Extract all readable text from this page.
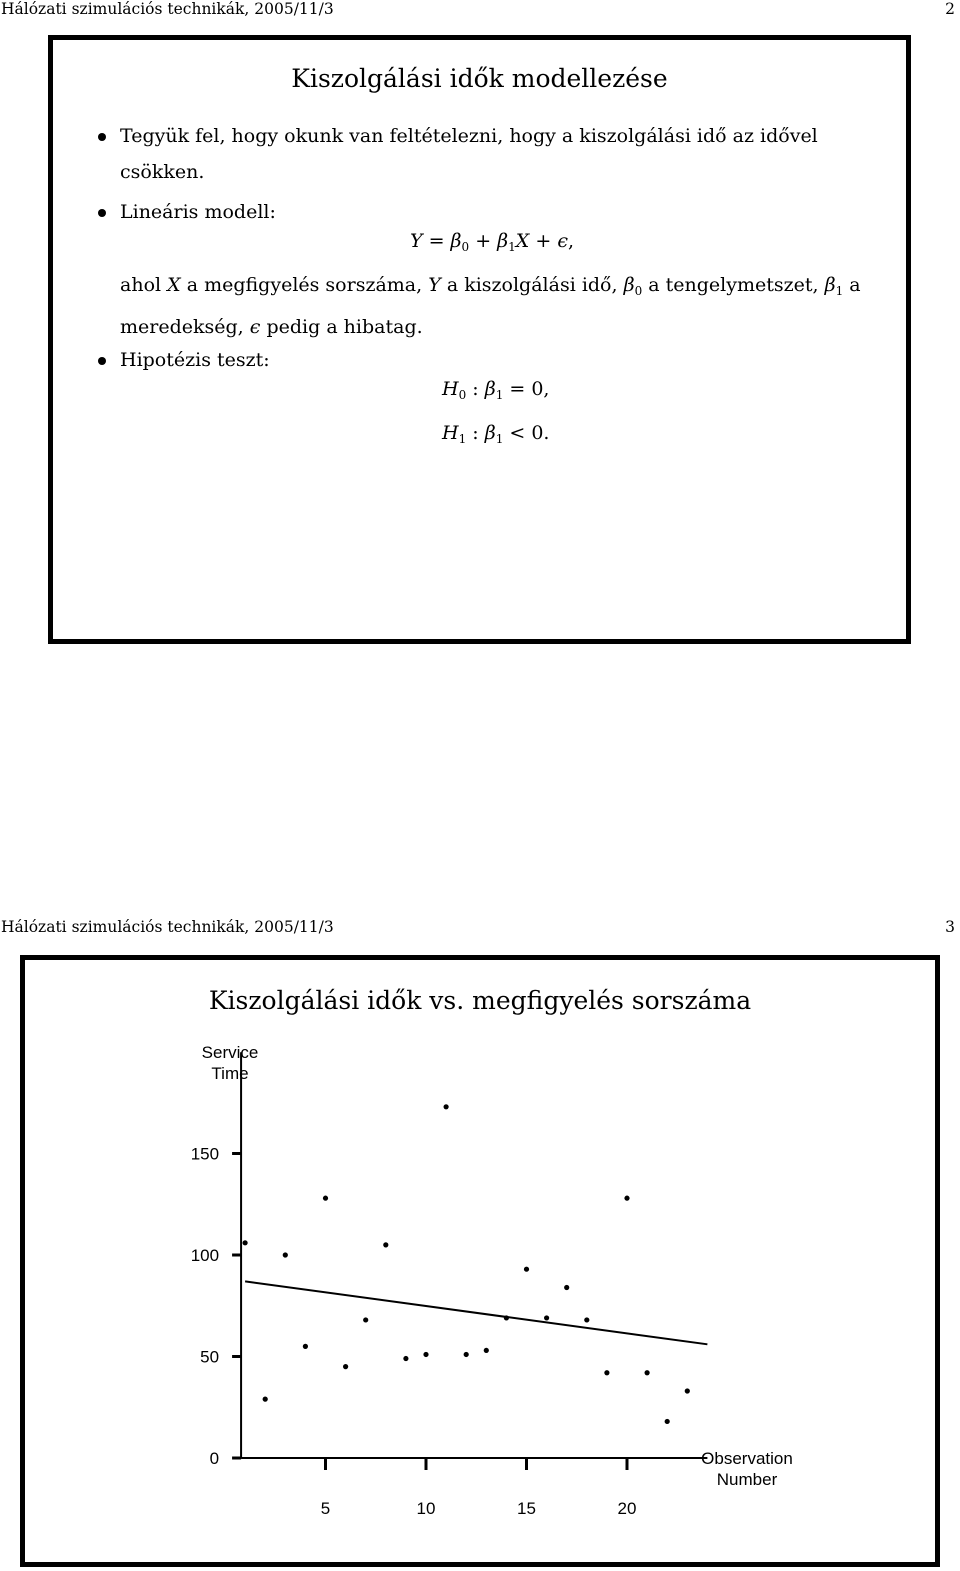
Hálózati szimulációs technikák, 2005/11/3	2
Kiszolgálási idők modellezése
Tegyük fel, hogy okunk van feltételezni, hogy a kiszolgálási idő az idővel csökken.
Lineáris modell:
$Y = \beta_0 + \beta_1X + \epsilon$,
ahol X a megfigyelés sorszáma, Y a kiszolgálási idő, $\beta_0$ a tengelymetszet, $\beta_1$ a meredekség, ϵ pedig a hibatag.
Hipotézis teszt:
$H_0$ : $\beta_1 = 0$,
$H_1$ : $\beta_1 < 0$.
Hálózati szimulációs technikák, 2005/11/3	3
Kiszolgálási idők vs. megfigyelés sorszáma
0
50
100
150
5	10	15	20
Service
Time
Observation
Number
